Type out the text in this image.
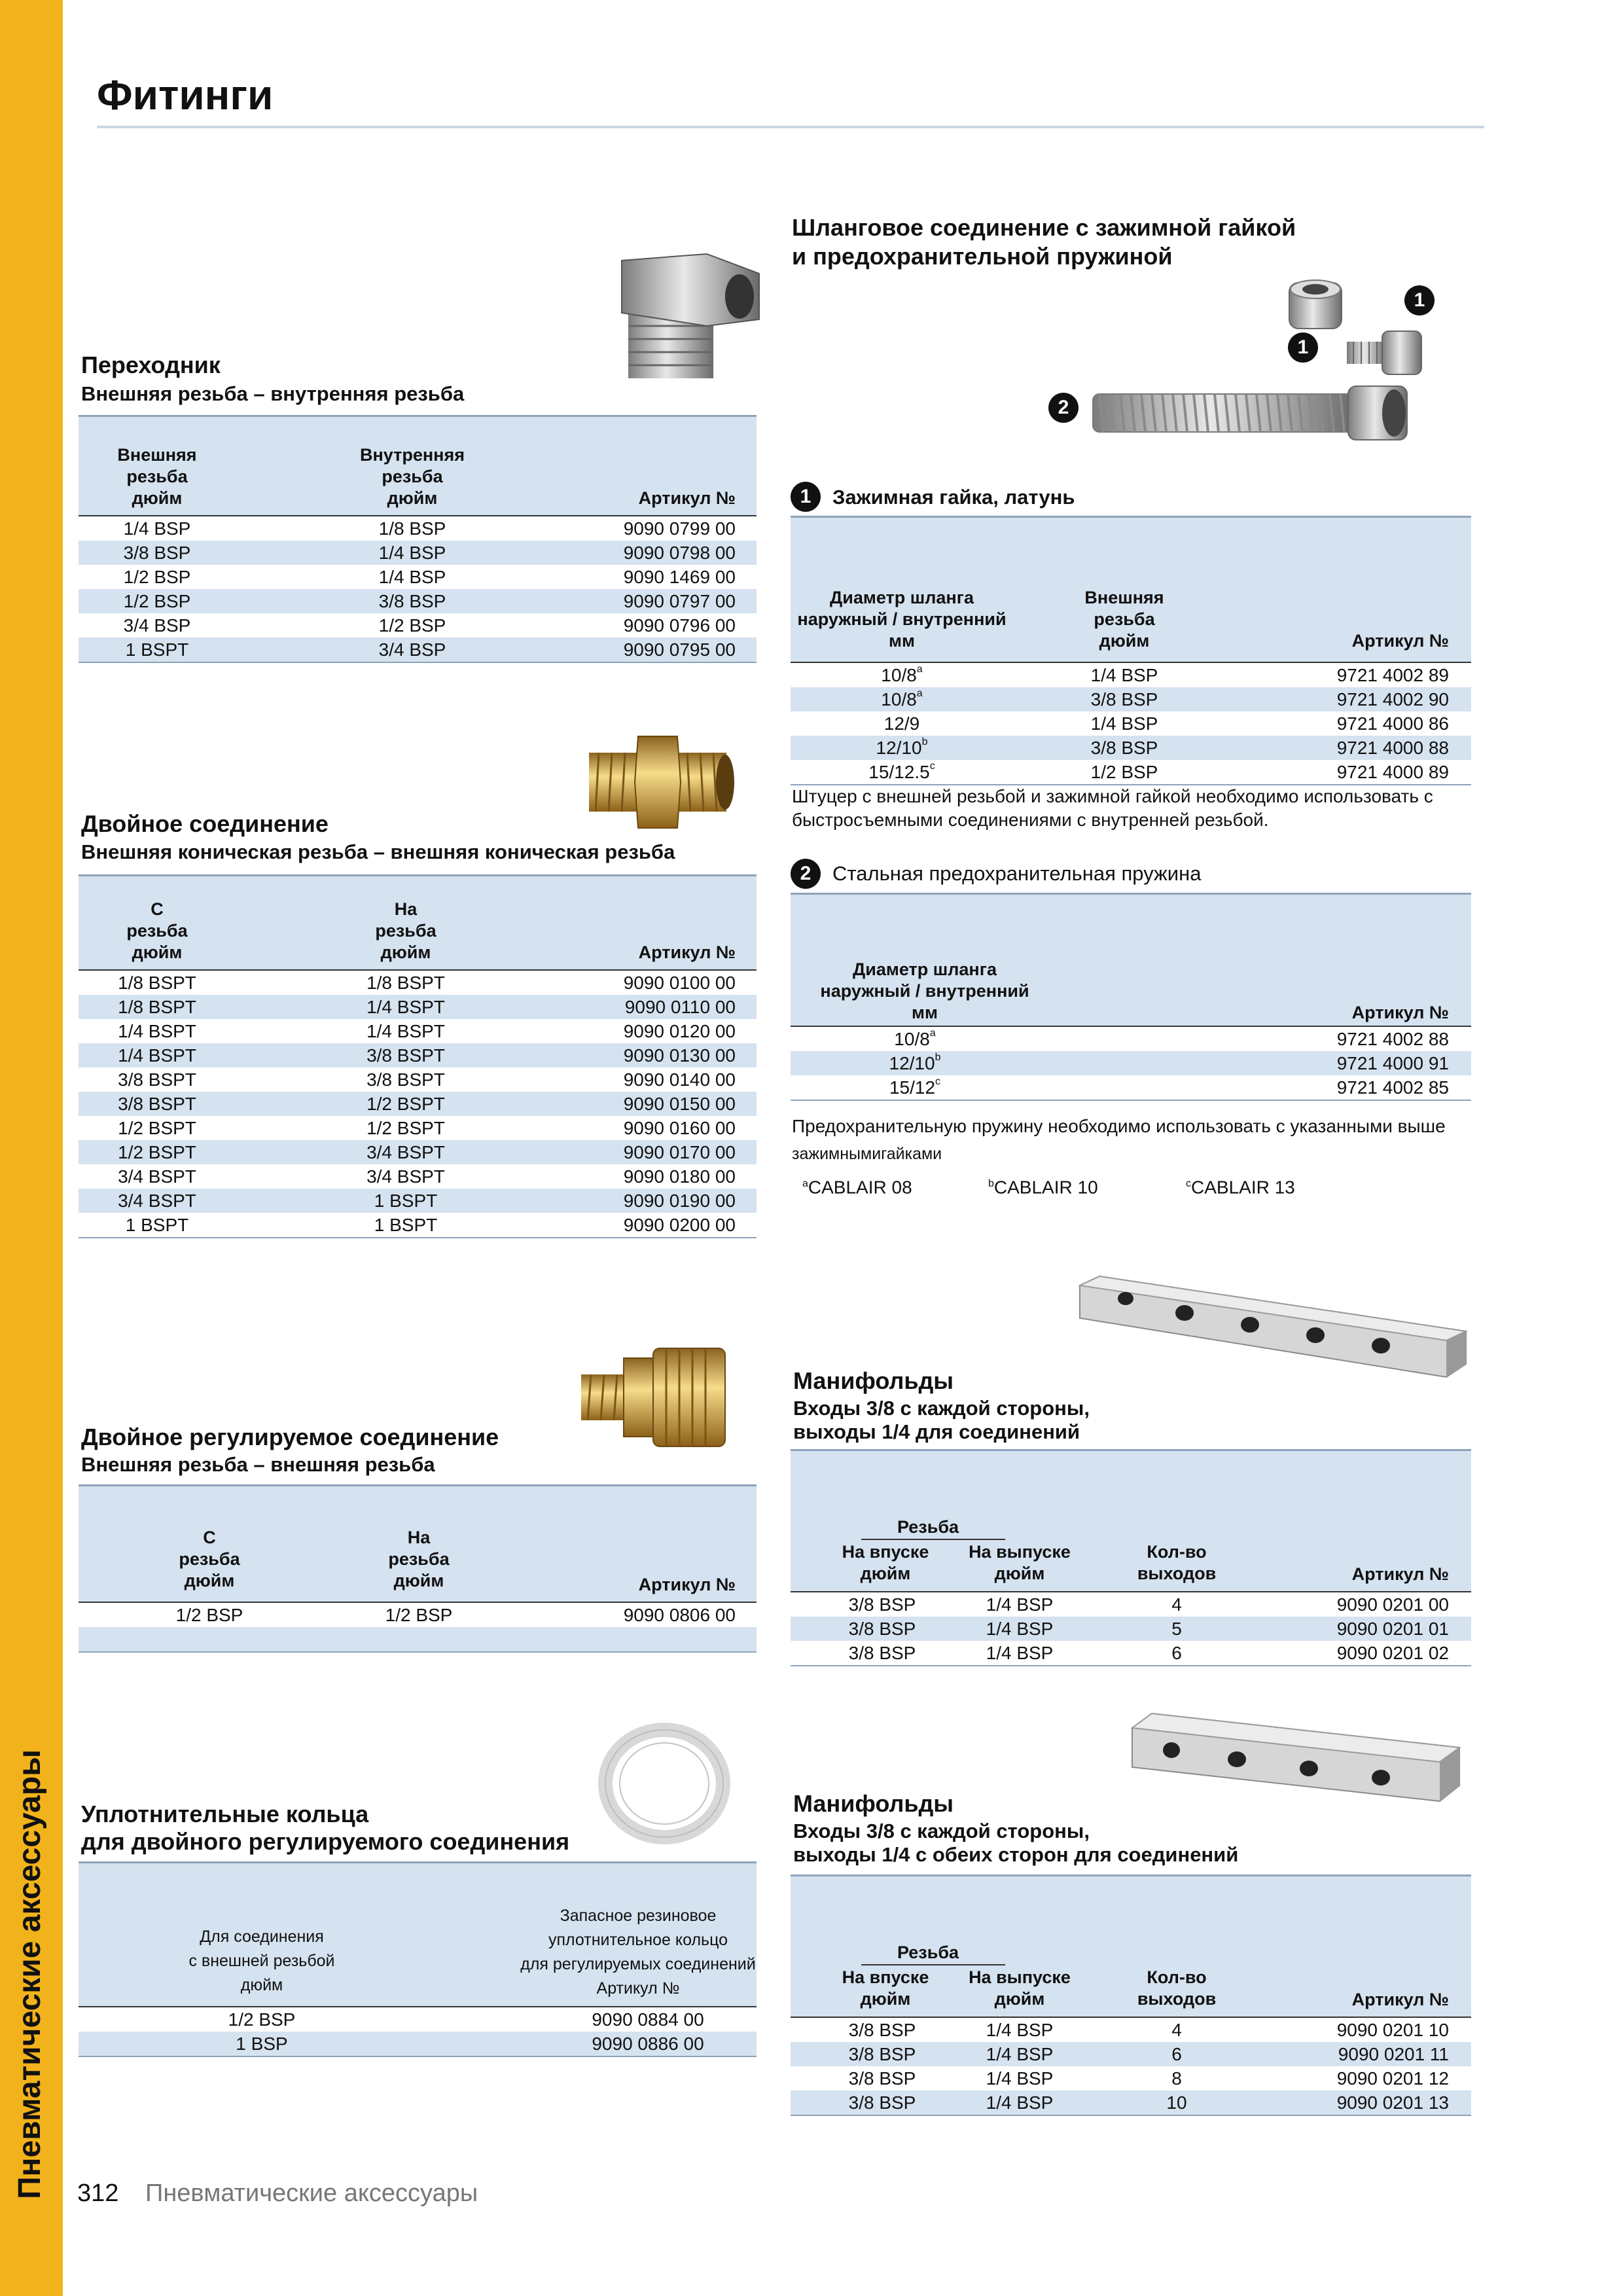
Пневматические аксессуары
Фитинги
Переходник
Внешняя резьба – внутренняя резьба
Внешняя
резьба
дюйм
Внутренняя
резьба
дюйм	Артикул №
1/4 BSP	1/8 BSP	9090 0799 00
3/8 BSP	1/4 BSP	9090 0798 00
1/2 BSP	1/4 BSP	9090 1469 00
1/2 BSP	3/8 BSP	9090 0797 00
3/4 BSP	1/2 BSP	9090 0796 00
1 BSPT	3/4 BSP	9090 0795 00
Двойное соединение
Внешняя коническая резьба – внешняя коническая резьба
С
резьба
дюйм
На
резьба
дюйм	Артикул №
1/8 BSPT	1/8 BSPT	9090 0100 00
1/8 BSPT	1/4 BSPT	9090 0110 00
1/4 BSPT	1/4 BSPT	9090 0120 00
1/4 BSPT	3/8 BSPT	9090 0130 00
3/8 BSPT	3/8 BSPT	9090 0140 00
3/8 BSPT	1/2 BSPT	9090 0150 00
1/2 BSPT	1/2 BSPT	9090 0160 00
1/2 BSPT	3/4 BSPT	9090 0170 00
3/4 BSPT	3/4 BSPT	9090 0180 00
3/4 BSPT	1 BSPT	9090 0190 00
1 BSPT	1 BSPT	9090 0200 00
Двойное регулируемое соединение
Внешняя резьба – внешняя резьба
С
резьба
дюйм
На
резьба
дюйм	Артикул №
1/2 BSP	1/2 BSP	9090 0806 00
Уплотнительные кольца
для двойного регулируемого соединения
Для соединения
с внешней резьбой
дюйм
Запасное резиновое
уплотнительное кольцо
для регулируемых соединений
Артикул №
1/2 BSP	9090 0884 00
1 BSP	9090 0886 00
Шланговое соединение с зажимной гайкой
и предохранительной пружиной
1
1
2
1	Зажимная гайка, латунь
Диаметр шланга
наружный / внутренний
мм
Внешняя
резьба
дюйм	Артикул №
10/8$^a$	1/4 BSP	9721 4002 89
10/8$^a$	3/8 BSP	9721 4002 90
12/9	1/4 BSP	9721 4000 86
12/10$^b$	3/8 BSP	9721 4000 88
15/12.5$^c$	1/2 BSP	9721 4000 89
Штуцер с внешней резьбой и зажимной гайкой необходимо использовать с
быстросъемными соединениями с внутренней резьбой.
2	Стальная предохранительная пружина
Диаметр шланга
наружный / внутренний
мм	Артикул №
10/8$^a$	9721 4002 88
12/10$^b$	9721 4000 91
15/12$^c$	9721 4002 85
Предохранительную пружину необходимо использовать с указанными выше
зажимнымигайками
$^a$CABLAIR 08	$^b$CABLAIR 10	$^c$CABLAIR 13
Манифольды
Входы 3/8 с каждой стороны,
выходы 1/4 для соединений
Резьба
На впуске
дюйм
На выпуске
дюйм
Кол-во
выходов	Артикул №
3/8 BSP	1/4 BSP	4	9090 0201 00
3/8 BSP	1/4 BSP	5	9090 0201 01
3/8 BSP	1/4 BSP	6	9090 0201 02
Манифольды
Входы 3/8 с каждой стороны,
выходы 1/4 с обеих сторон для соединений
Резьба
На впуске
дюйм
На выпуске
дюйм
Кол-во
выходов	Артикул №
3/8 BSP	1/4 BSP	4	9090 0201 10
3/8 BSP	1/4 BSP	6	9090 0201 11
3/8 BSP	1/4 BSP	8	9090 0201 12
3/8 BSP	1/4 BSP	10	9090 0201 13
312 Пневматические аксессуары
